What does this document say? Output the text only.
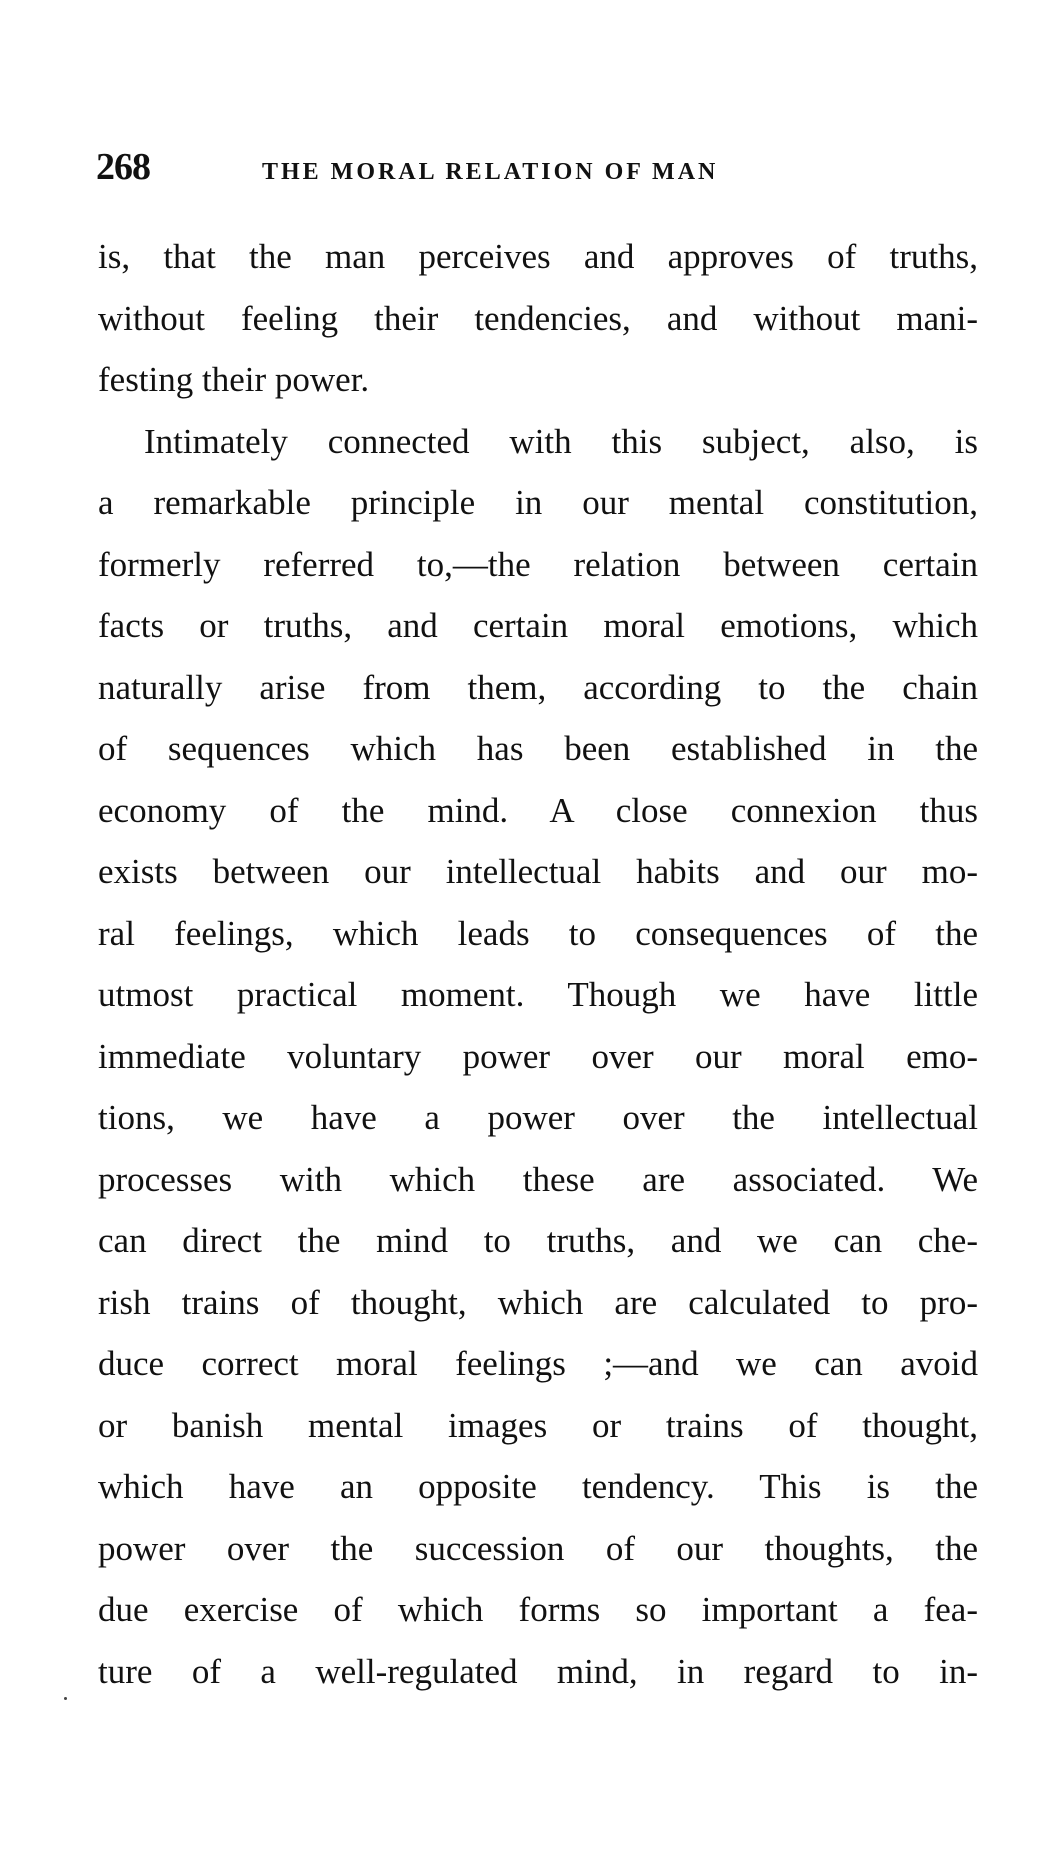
268	THE MORAL RELATION OF MAN
is, that the man perceives and approves of truths,
without feeling their tendencies, and without mani-
festing their power.
Intimately connected with this subject, also, is
a remarkable principle in our mental constitution,
formerly referred to,—the relation between certain
facts or truths, and certain moral emotions, which
naturally arise from them, according to the chain
of sequences which has been established in the
economy of the mind. A close connexion thus
exists between our intellectual habits and our mo-
ral feelings, which leads to consequences of the
utmost practical moment. Though we have little
immediate voluntary power over our moral emo-
tions, we have a power over the intellectual
processes with which these are associated. We
can direct the mind to truths, and we can che-
rish trains of thought, which are calculated to pro-
duce correct moral feelings ;—and we can avoid
or banish mental images or trains of thought,
which have an opposite tendency. This is the
power over the succession of our thoughts, the
due exercise of which forms so important a fea-
ture of a well-regulated mind, in regard to in-
